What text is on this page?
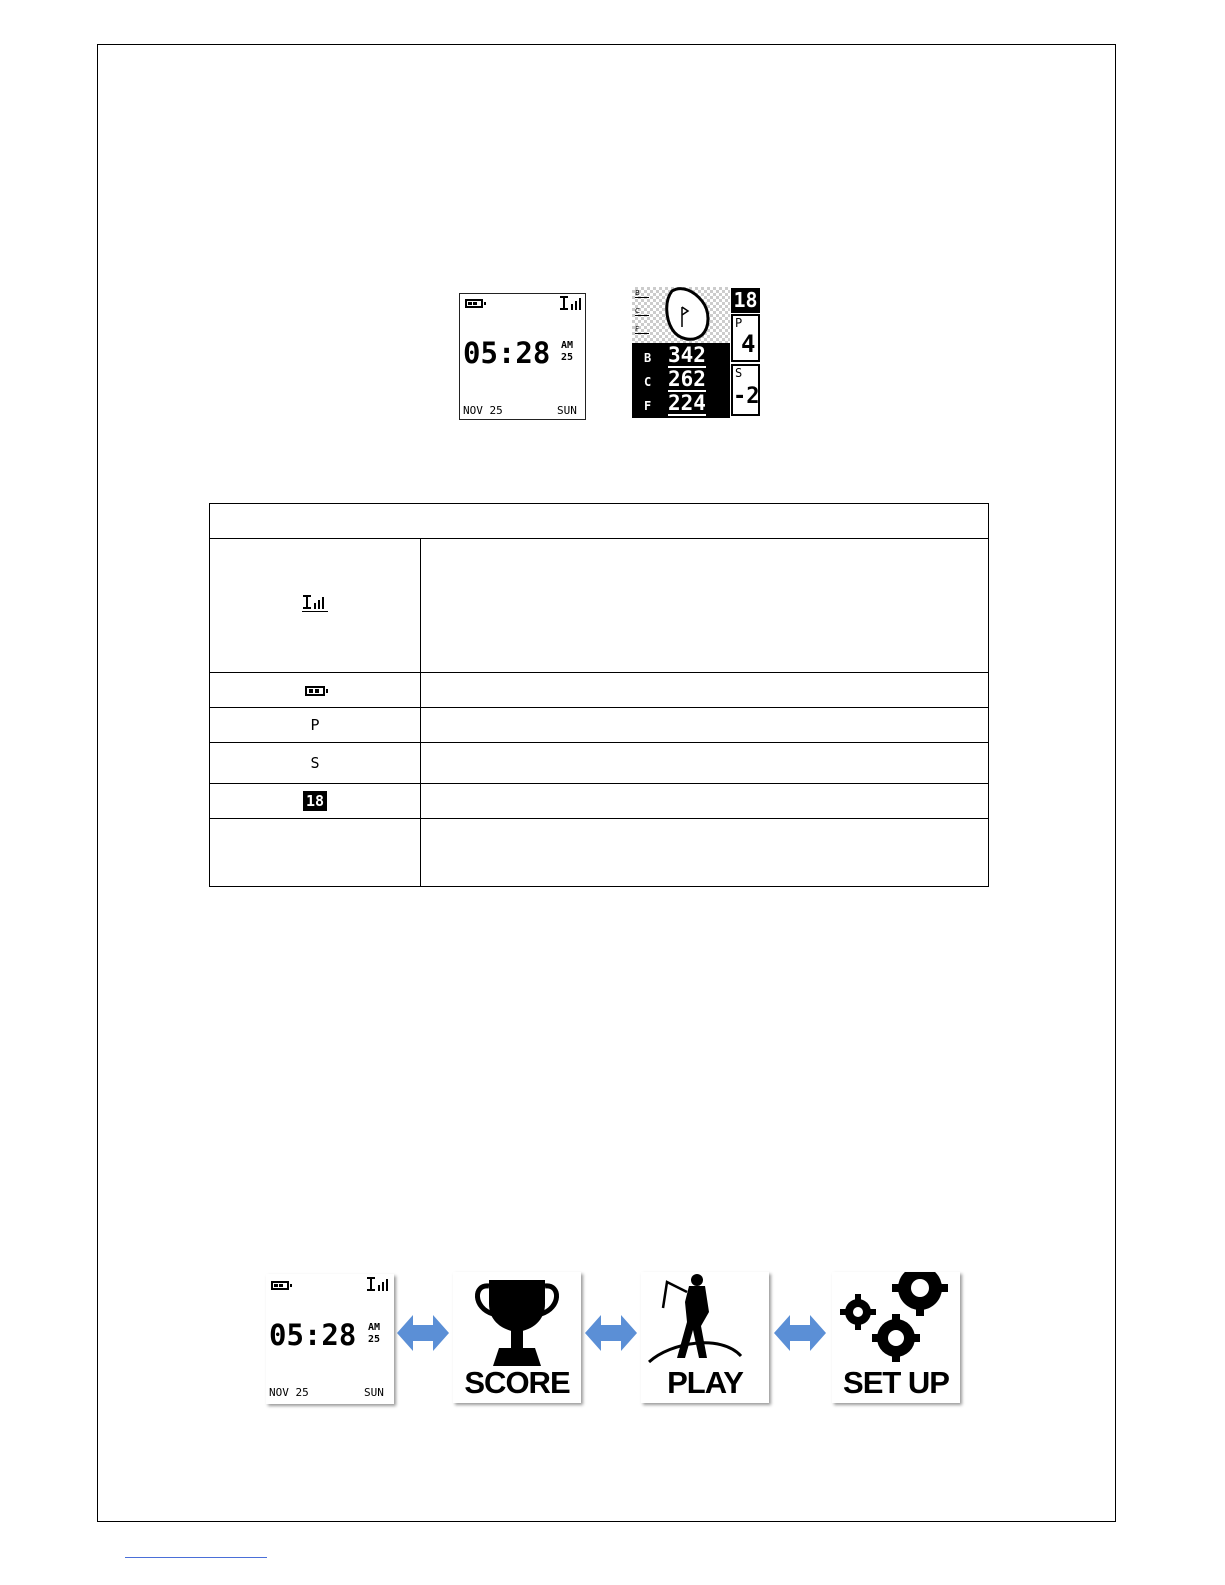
05:28 AM
25
NOV 25	SUN
B
C
F
B 342
C 262
F 224
18
P
4
S
-2

P	
S	
18	

05:28 AM
25
NOV 25	SUN	SCORE	PLAY	SET UP
